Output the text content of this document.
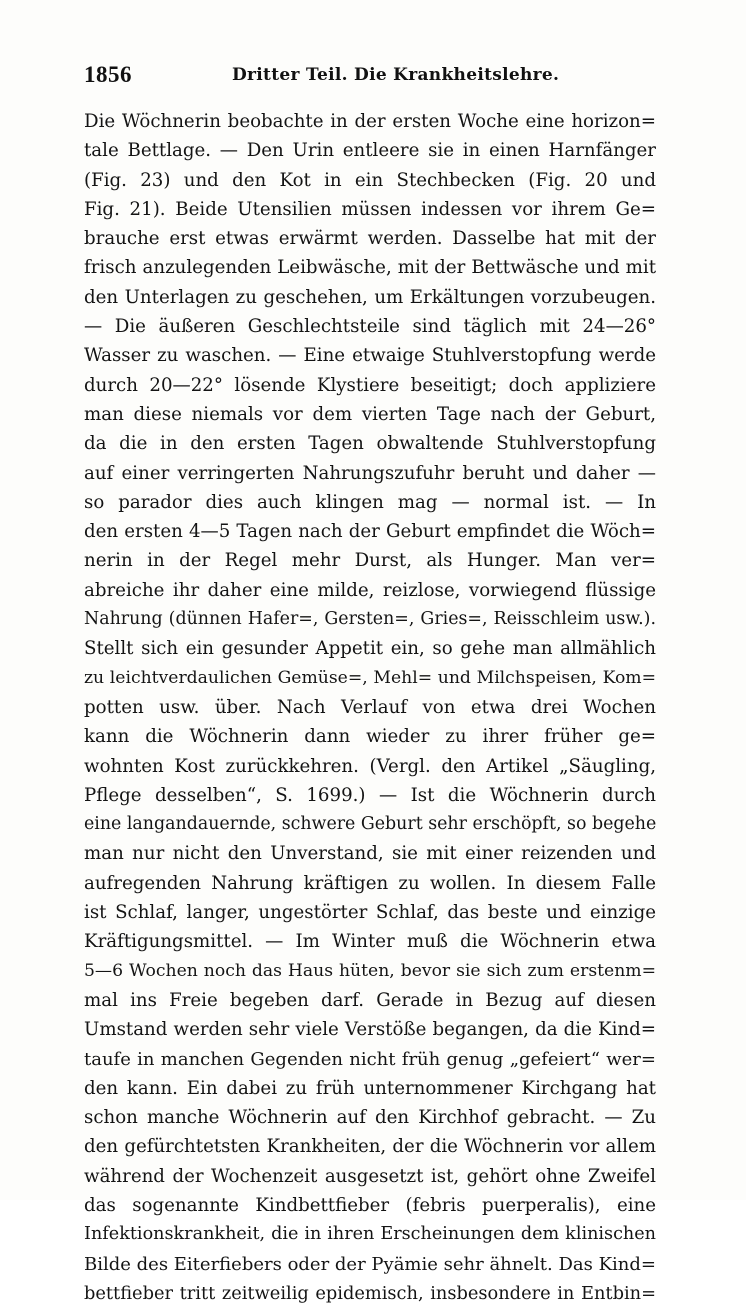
1856	Dritter Teil. Die Krankheitslehre.
Die Wöchnerin beobachte in der ersten Woche eine horizon=
tale Bettlage. — Den Urin entleere sie in einen Harnfänger
(Fig. 23) und den Kot in ein Stechbecken (Fig. 20 und
Fig. 21). Beide Utensilien müssen indessen vor ihrem Ge=
brauche erst etwas erwärmt werden. Dasselbe hat mit der
frisch anzulegenden Leibwäsche, mit der Bettwäsche und mit
den Unterlagen zu geschehen, um Erkältungen vorzubeugen.
— Die äußeren Geschlechtsteile sind täglich mit 24—26°
Wasser zu waschen. — Eine etwaige Stuhlverstopfung werde
durch 20—22° lösende Klystiere beseitigt; doch appliziere
man diese niemals vor dem vierten Tage nach der Geburt,
da die in den ersten Tagen obwaltende Stuhlverstopfung
auf einer verringerten Nahrungszufuhr beruht und daher —
so parador dies auch klingen mag — normal ist. — In
den ersten 4—5 Tagen nach der Geburt empfindet die Wöch=
nerin in der Regel mehr Durst, als Hunger. Man ver=
abreiche ihr daher eine milde, reizlose, vorwiegend flüssige
Nahrung (dünnen Hafer=, Gersten=, Gries=, Reisschleim usw.).
Stellt sich ein gesunder Appetit ein, so gehe man allmählich
zu leichtverdaulichen Gemüse=, Mehl= und Milchspeisen, Kom=
potten usw. über. Nach Verlauf von etwa drei Wochen
kann die Wöchnerin dann wieder zu ihrer früher ge=
wohnten Kost zurückkehren. (Vergl. den Artikel „Säugling,
Pflege desselben“, S. 1699.) — Ist die Wöchnerin durch
eine langandauernde, schwere Geburt sehr erschöpft, so begehe
man nur nicht den Unverstand, sie mit einer reizenden und
aufregenden Nahrung kräftigen zu wollen. In diesem Falle
ist Schlaf, langer, ungestörter Schlaf, das beste und einzige
Kräftigungsmittel. — Im Winter muß die Wöchnerin etwa
5—6 Wochen noch das Haus hüten, bevor sie sich zum erstenm=
mal ins Freie begeben darf. Gerade in Bezug auf diesen
Umstand werden sehr viele Verstöße begangen, da die Kind=
taufe in manchen Gegenden nicht früh genug „gefeiert“ wer=
den kann. Ein dabei zu früh unternommener Kirchgang hat
schon manche Wöchnerin auf den Kirchhof gebracht. — Zu
den gefürchtetsten Krankheiten, der die Wöchnerin vor allem
während der Wochenzeit ausgesetzt ist, gehört ohne Zweifel
das sogenannte Kindbettfieber (febris puerperalis), eine
Infektionskrankheit, die in ihren Erscheinungen dem klinischen
Bilde des Eiterfiebers oder der Pyämie sehr ähnelt. Das Kind=
bettfieber tritt zeitweilig epidemisch, insbesondere in Entbin=
